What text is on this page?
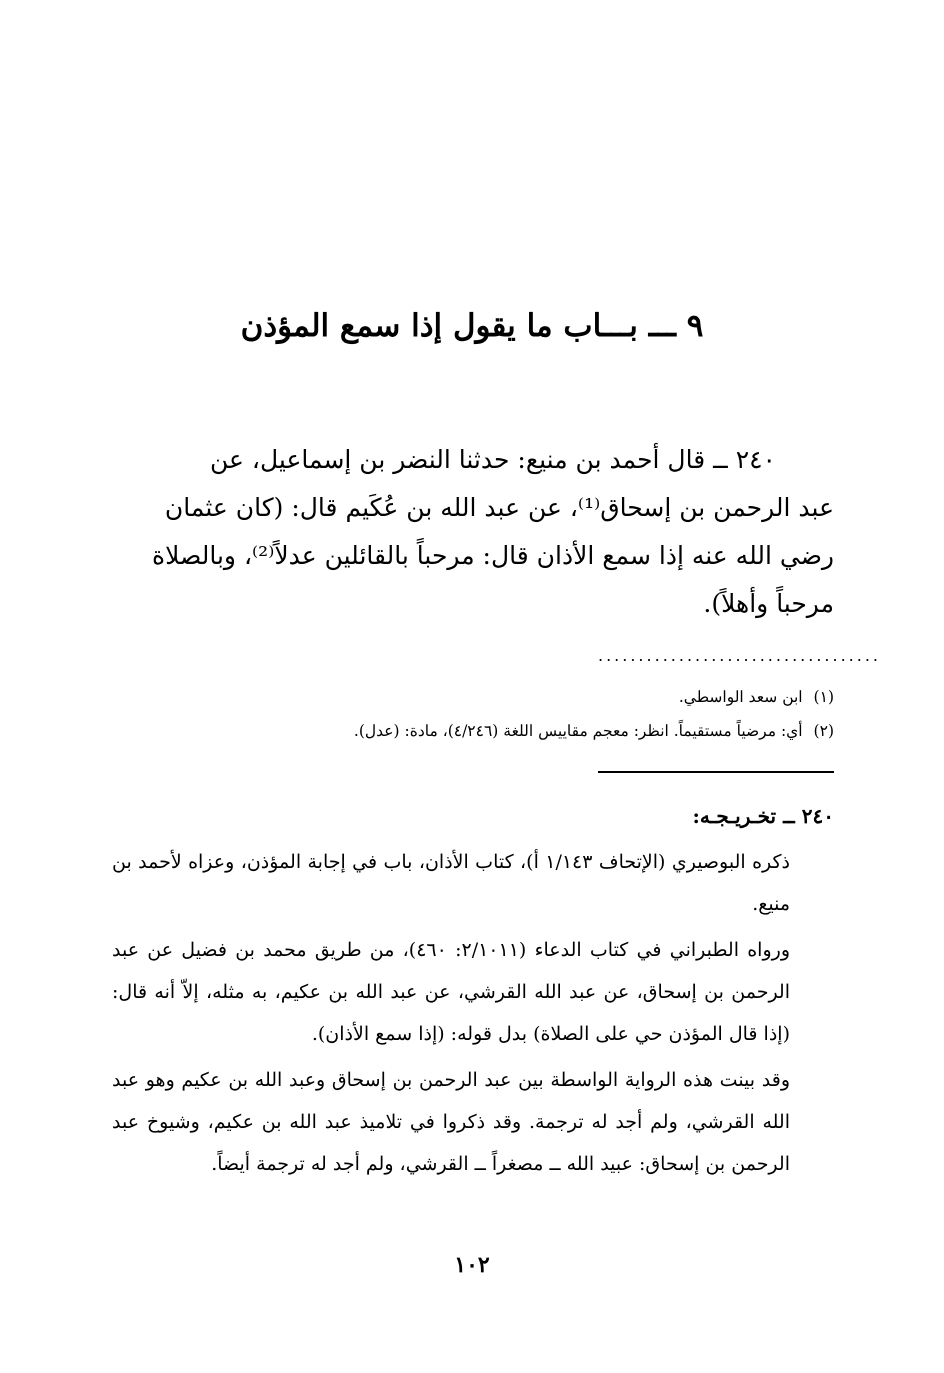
٩ ـــ بـــاب ما يقول إذا سمع المؤذن

٢٤٠ ــ قال أحمد بن منيع: حدثنا النضر بن إسماعيل، عن

عبد الرحمن بن إسحاق⁽¹⁾، عن عبد الله بن عُكَيم قال: (كان عثمان

رضي الله عنه إذا سمع الأذان قال: مرحباً بالقائلين عدلاً⁽²⁾، وبالصلاة

مرحباً وأهلاً).

...................................
(١) ابن سعد الواسطي.
(٢) أي: مرضياً مستقيماً. انظر: معجم مقاييس اللغة (٤/٢٤٦)، مادة: (عدل).

٢٤٠ ــ تخـريـجـه:

ذكره البوصيري (الإتحاف ١/١٤٣ أ)، كتاب الأذان، باب في إجابة المؤذن، وعزاه لأحمد بن منيع.

ورواه الطبراني في كتاب الدعاء (٢/١٠١١: ٤٦٠)، من طريق محمد بن فضيل عن عبد الرحمن بن إسحاق، عن عبد الله القرشي، عن عبد الله بن عكيم، به مثله، إلاّ أنه قال: (إذا قال المؤذن حي على الصلاة) بدل قوله: (إذا سمع الأذان).

وقد بينت هذه الرواية الواسطة بين عبد الرحمن بن إسحاق وعبد الله بن عكيم وهو عبد الله القرشي، ولم أجد له ترجمة. وقد ذكروا في تلاميذ عبد الله بن عكيم، وشيوخ عبد الرحمن بن إسحاق: عبيد الله ــ مصغراً ــ القرشي، ولم أجد له ترجمة أيضاً.

١٠٢
